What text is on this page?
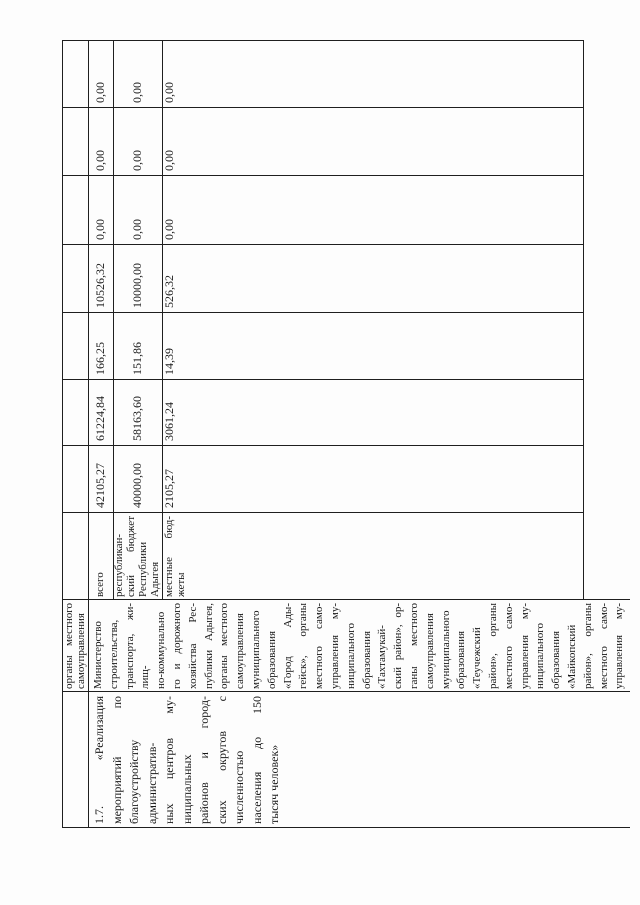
органы местного самоуправления
1.7. «Реализация мероприятий по благоустройству административ- ных центров му- ниципальных районов и город- ских округов с численностью населения до 150 тысяч человек»
Министерство строительства, транспорта, жи- лищ- но-коммунально го и дорожного хозяйства Рес- публики Адыгея, органы местного самоуправления муниципального образования «Город Ады- гейск», органы местного само- управления му- ниципального образования «Тахтамукай- ский район», ор- ганы местного самоуправления муниципального образования «Теучежский район», органы местного само- управления му- ниципального образования «Майкопский район», органы местного само- управления му-
всего республикан- ский бюджет Республики Адыгея местные бюд- жеты
42105,27
61224,84
166,25
10526,32
0,00
0,00
0,00
40000,00
58163,60
151,86
10000,00
0,00
0,00
0,00
2105,27
3061,24
14,39
526,32
0,00
0,00
0,00
